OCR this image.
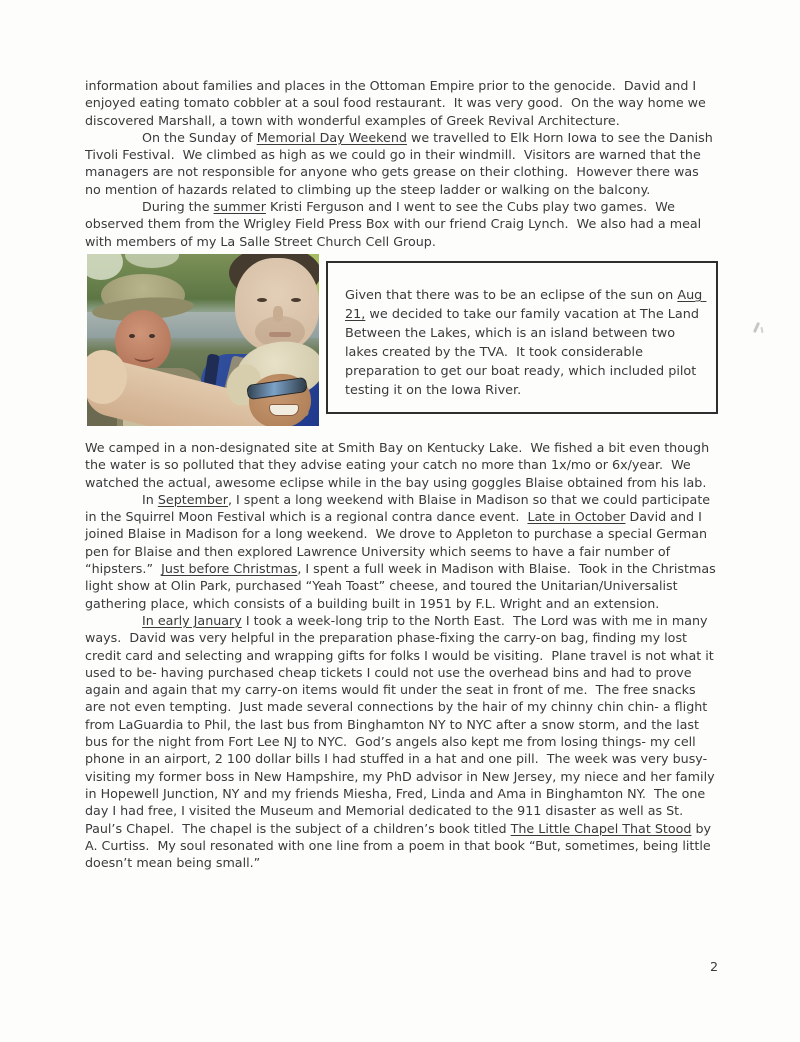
information about families and places in the Ottoman Empire prior to the genocide.  David and I enjoyed eating tomato cobbler at a soul food restaurant.  It was very good.  On the way home we discovered Marshall, a town with wonderful examples of Greek Revival Architecture.

On the Sunday of Memorial Day Weekend we travelled to Elk Horn Iowa to see the Danish Tivoli Festival.  We climbed as high as we could go in their windmill.  Visitors are warned that the managers are not responsible for anyone who gets grease on their clothing.  However there was no mention of hazards related to climbing up the steep ladder or walking on the balcony.

During the summer Kristi Ferguson and I went to see the Cubs play two games.  We observed them from the Wrigley Field Press Box with our friend Craig Lynch.  We also had a meal with members of my La Salle Street Church Cell Group.

Given that there was to be an eclipse of the sun on Aug 21, we decided to take our family vacation at The Land Between the Lakes, which is an island between two lakes created by the TVA.  It took considerable preparation to get our boat ready, which included pilot testing it on the Iowa River.

We camped in a non-designated site at Smith Bay on Kentucky Lake.  We fished a bit even though the water is so polluted that they advise eating your catch no more than 1x/mo or 6x/year.  We watched the actual, awesome eclipse while in the bay using goggles Blaise obtained from his lab.

In September, I spent a long weekend with Blaise in Madison so that we could participate in the Squirrel Moon Festival which is a regional contra dance event.  Late in October David and I joined Blaise in Madison for a long weekend.  We drove to Appleton to purchase a special German pen for Blaise and then explored Lawrence University which seems to have a fair number of “hipsters.”  Just before Christmas, I spent a full week in Madison with Blaise.  Took in the Christmas light show at Olin Park, purchased “Yeah Toast” cheese, and toured the Unitarian/Universalist gathering place, which consists of a building built in 1951 by F.L. Wright and an extension.

In early January I took a week-long trip to the North East.  The Lord was with me in many ways.  David was very helpful in the preparation phase-fixing the carry-on bag, finding my lost credit card and selecting and wrapping gifts for folks I would be visiting.  Plane travel is not what it used to be- having purchased cheap tickets I could not use the overhead bins and had to prove again and again that my carry-on items would fit under the seat in front of me.  The free snacks are not even tempting.  Just made several connections by the hair of my chinny chin chin- a flight from LaGuardia to Phil, the last bus from Binghamton NY to NYC after a snow storm, and the last bus for the night from Fort Lee NJ to NYC.  God’s angels also kept me from losing things- my cell phone in an airport, 2 100 dollar bills I had stuffed in a hat and one pill.  The week was very busy- visiting my former boss in New Hampshire, my PhD advisor in New Jersey, my niece and her family in Hopewell Junction, NY and my friends Miesha, Fred, Linda and Ama in Binghamton NY.  The one day I had free, I visited the Museum and Memorial dedicated to the 911 disaster as well as St. Paul’s Chapel.  The chapel is the subject of a children’s book titled The Little Chapel That Stood by A. Curtiss.  My soul resonated with one line from a poem in that book “But, sometimes, being little doesn’t mean being small.”

2
